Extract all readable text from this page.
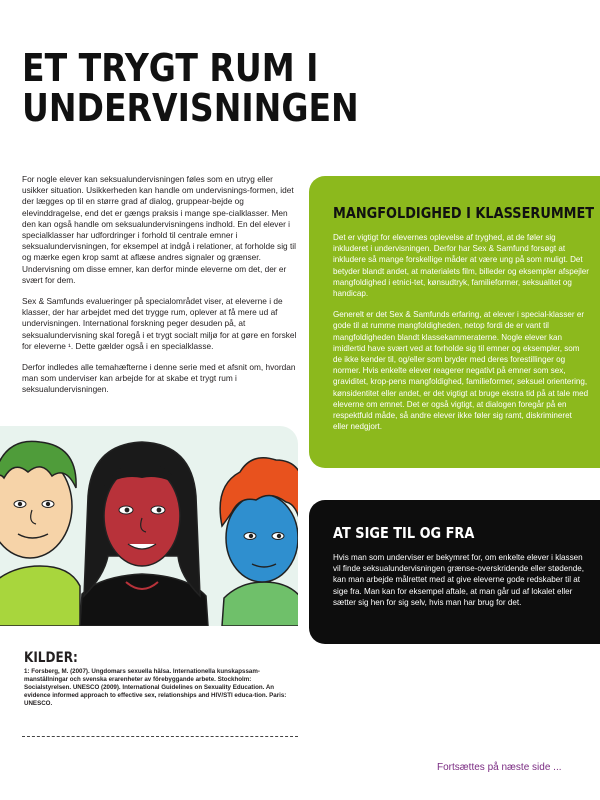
ET TRYGT RUM I UNDERVISNINGEN

For nogle elever kan seksualundervisningen føles som en utryg eller usikker situation. Usikkerheden kan handle om undervisnings-formen, idet der lægges op til en større grad af dialog, gruppear-bejde og elevinddragelse, end det er gængs praksis i mange spe-cialklasser. Men den kan også handle om seksualundervisningens indhold. En del elever i specialklasser har udfordringer i forhold til centrale emner i seksualundervisningen, for eksempel at indgå i relationer, at forholde sig til og mærke egen krop samt at aflæse andres signaler og grænser. Undervisning om disse emner, kan derfor minde eleverne om det, der er svært for dem.

Sex & Samfunds evalueringer på specialområdet viser, at eleverne i de klasser, der har arbejdet med det trygge rum, oplever at få mere ud af undervisningen. International forskning peger desuden på, at seksualundervisning skal foregå i et trygt socialt miljø for at gøre en forskel for eleverne ¹. Dette gælder også i en specialklasse.

Derfor indledes alle temahæfterne i denne serie med et afsnit om, hvordan man som underviser kan arbejde for at skabe et trygt rum i seksualundervisningen.

MANGFOLDIGHED I KLASSERUMMET

Det er vigtigt for elevernes oplevelse af tryghed, at de føler sig inkluderet i undervisningen. Derfor har Sex & Samfund forsøgt at inkludere så mange forskellige måder at være ung på som muligt. Det betyder blandt andet, at materialets film, billeder og eksempler afspejler mangfoldighed i etnici-tet, kønsudtryk, familieformer, seksualitet og handicap.

Generelt er det Sex & Samfunds erfaring, at elever i special-klasser er gode til at rumme mangfoldigheden, netop fordi de er vant til mangfoldigheden blandt klassekammeraterne. Nogle elever kan imidlertid have svært ved at forholde sig til emner og eksempler, som de ikke kender til, og/eller som bryder med deres forestillinger og normer. Hvis enkelte elever reagerer negativt på emner som sex, graviditet, krop-pens mangfoldighed, familieformer, seksuel orientering, kønsidentitet eller andet, er det vigtigt at bruge ekstra tid på at tale med eleverne om emnet. Det er også vigtigt, at dialogen foregår på en respektfuld måde, så andre elever ikke føler sig ramt, diskrimineret eller nedgjort.

AT SIGE TIL OG FRA

Hvis man som underviser er bekymret for, om enkelte elever i klassen vil finde seksualundervisningen grænse-overskridende eller stødende, kan man arbejde målrettet med at give eleverne gode redskaber til at sige fra. Man kan for eksempel aftale, at man går ud af lokalet eller sætter sig hen for sig selv, hvis man har brug for det.

KILDER:
1: Forsberg, M. (2007). Ungdomars sexuella hälsa. Internationella kunskapssam-manställningar och svenska erarenheter av förebyggande arbete. Stockholm: Socialstyrelsen. UNESCO (2009). International Guidelines on Sexuality Education. An evidence informed approach to effective sex, relationships and HIV/STI educa-tion. Paris: UNESCO.
Fortsættes på næste side ...
